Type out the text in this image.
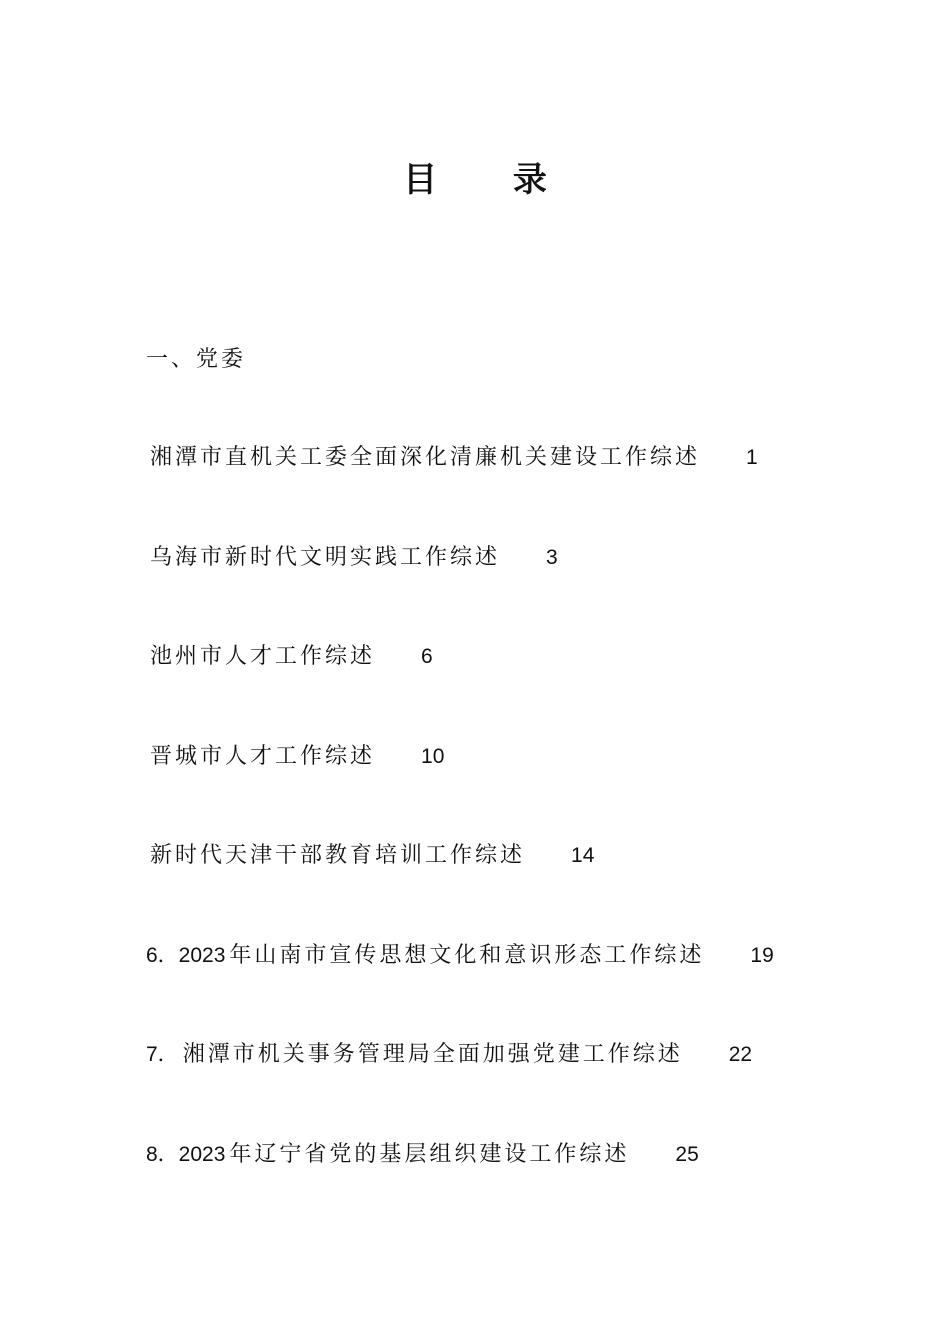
目 录
一、党委
湘潭市直机关工委全面深化清廉机关建设工作综述 1
乌海市新时代文明实践工作综述 3
池州市人才工作综述 6
晋城市人才工作综述 10
新时代天津干部教育培训工作综述 14
6．2023 年山南市宣传思想文化和意识形态工作综述 19
7． 湘潭市机关事务管理局全面加强党建工作综述 22
8．2023 年辽宁省党的基层组织建设工作综述 25
